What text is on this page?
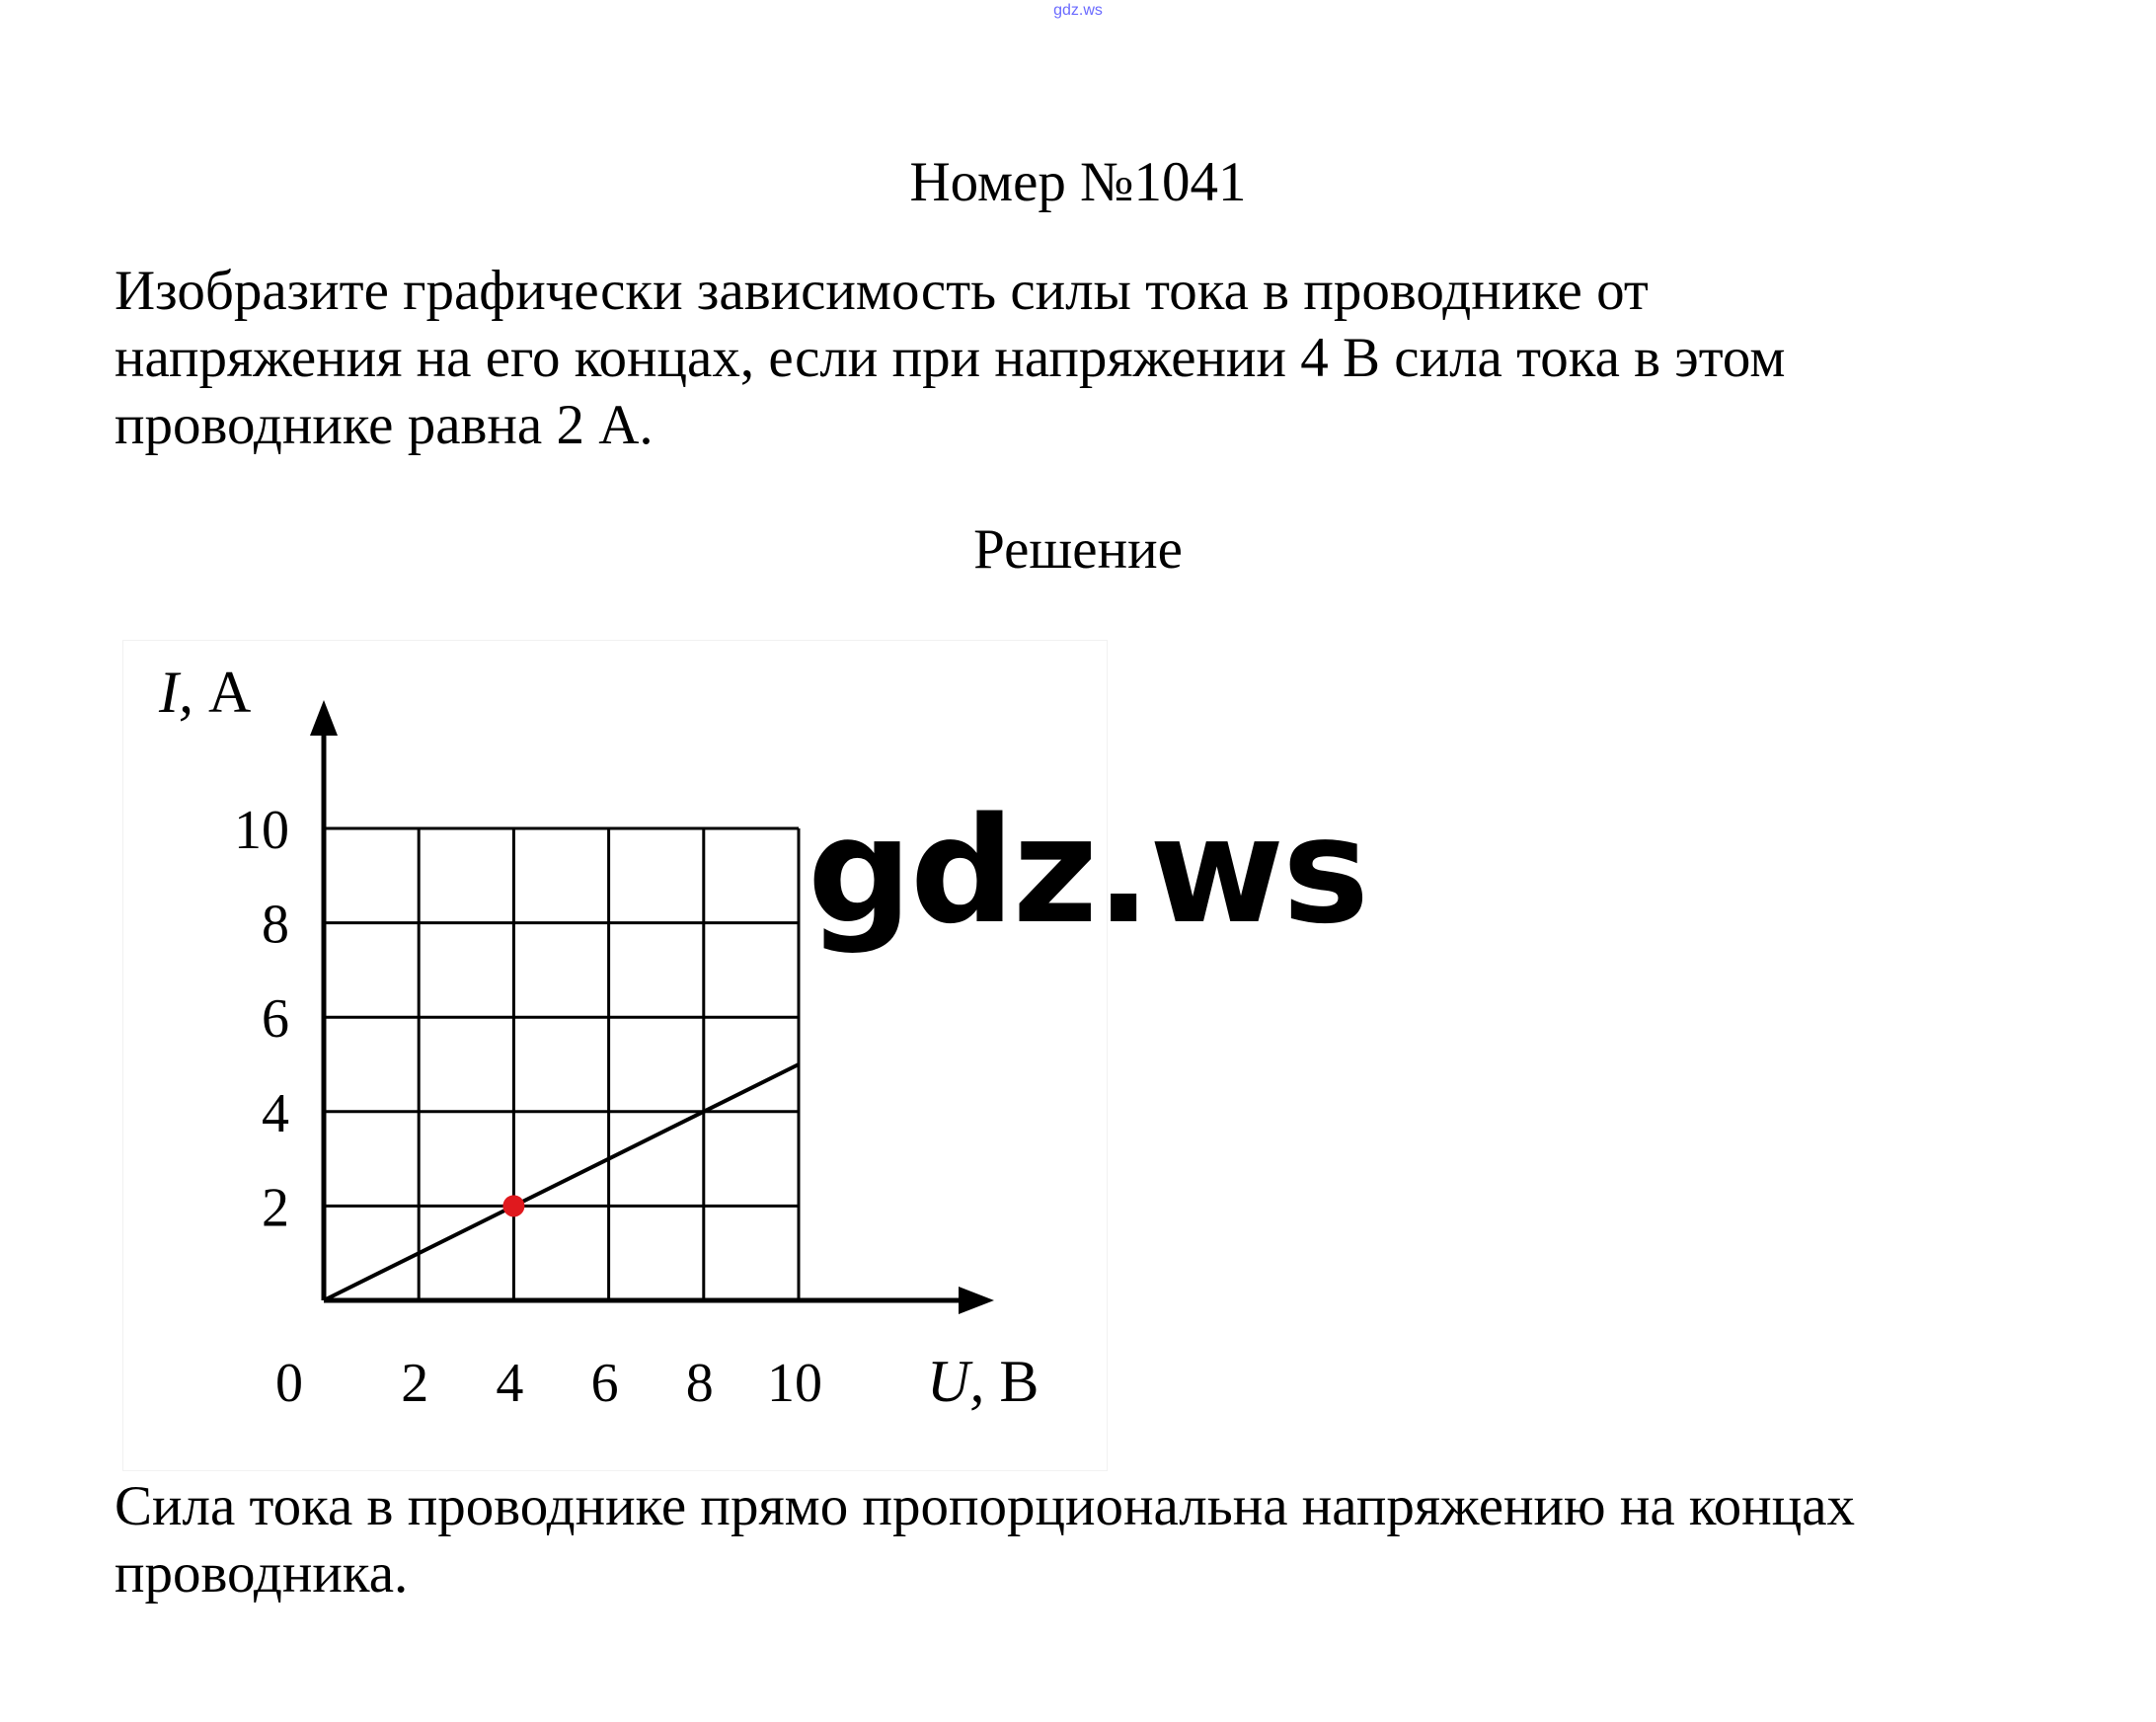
gdz.ws
Номер №1041
Изобразите графически зависимость силы тока в проводнике от
напряжения на его концах, если при напряжении 4 В сила тока в этом
проводнике равна 2 А.
Решение
2
4
6
8
10
2 4 6 8 10
0
I, А
U, В
gdz.ws
Сила тока в проводнике прямо пропорциональна напряжению на концах
проводника.
